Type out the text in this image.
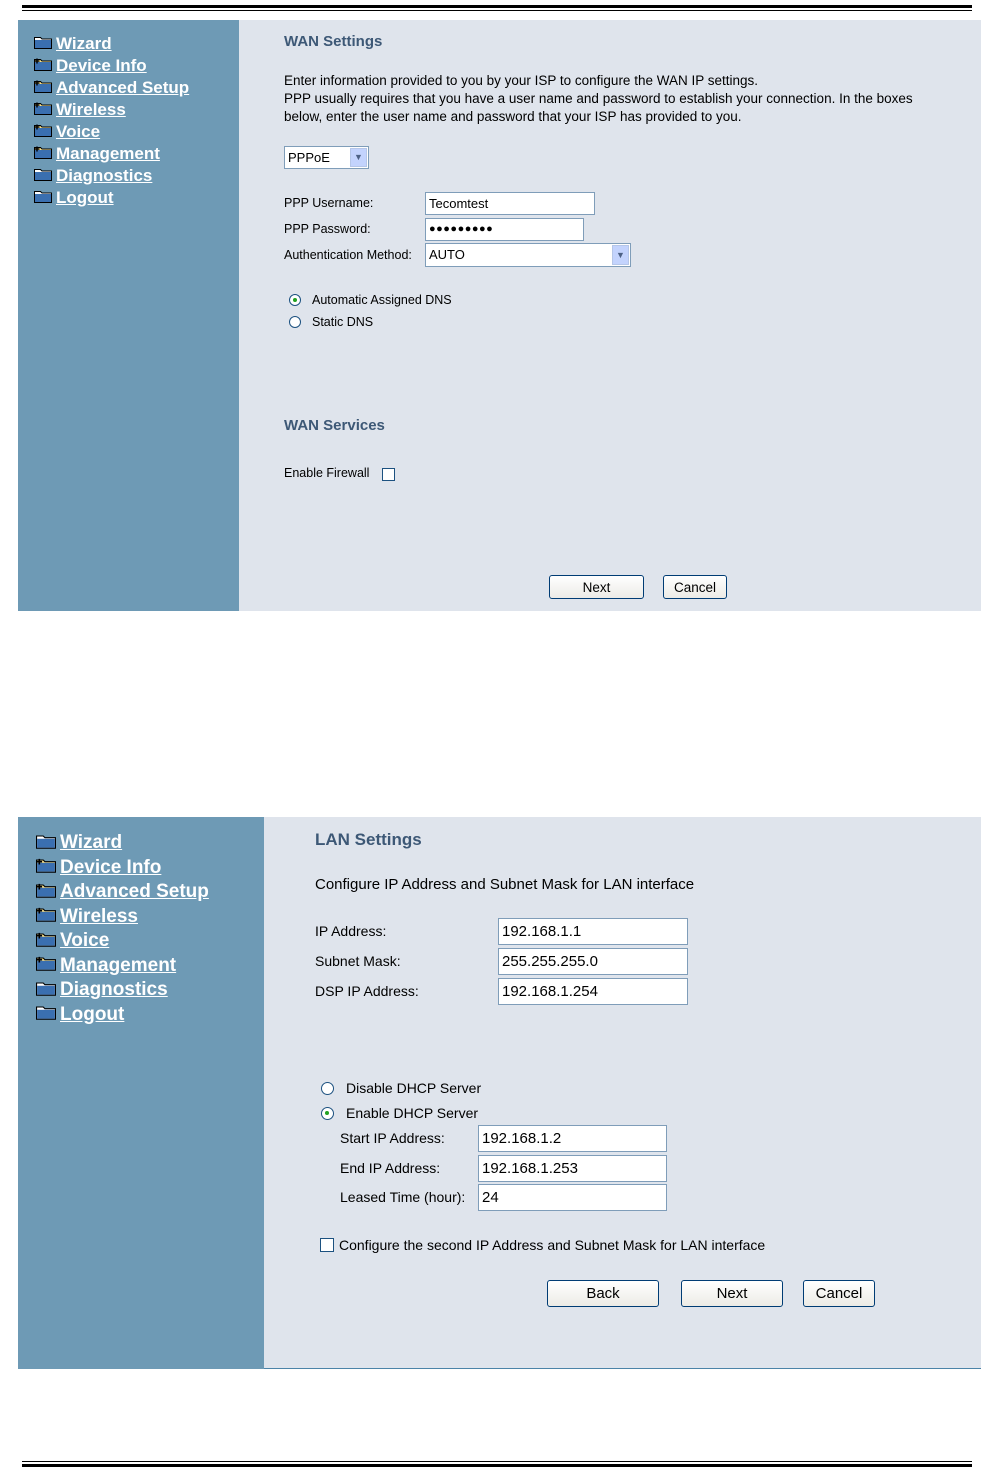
Wizard
Device Info
Advanced Setup
Wireless
Voice
Management
Diagnostics
Logout
WAN Settings
Enter information provided to you by your ISP to configure the WAN IP settings.
PPP usually requires that you have a user name and password to establish your connection. In the boxes
below, enter the user name and password that your ISP has provided to you.
PPPoE	▼
PPP Username:	Tecomtest
PPP Password:	●●●●●●●●●
Authentication Method:	AUTO	▼
Automatic Assigned DNS
Static DNS
WAN Services
Enable Firewall
Next	Cancel
Wizard
Device Info
Advanced Setup
Wireless
Voice
Management
Diagnostics
Logout
LAN Settings
Configure IP Address and Subnet Mask for LAN interface
IP Address:	192.168.1.1
Subnet Mask:	255.255.255.0
DSP IP Address:	192.168.1.254
Disable DHCP Server
Enable DHCP Server
Start IP Address: 192.168.1.2
End IP Address:	192.168.1.253
Leased Time (hour): 24
Configure the second IP Address and Subnet Mask for LAN interface
Back	Next	Cancel
